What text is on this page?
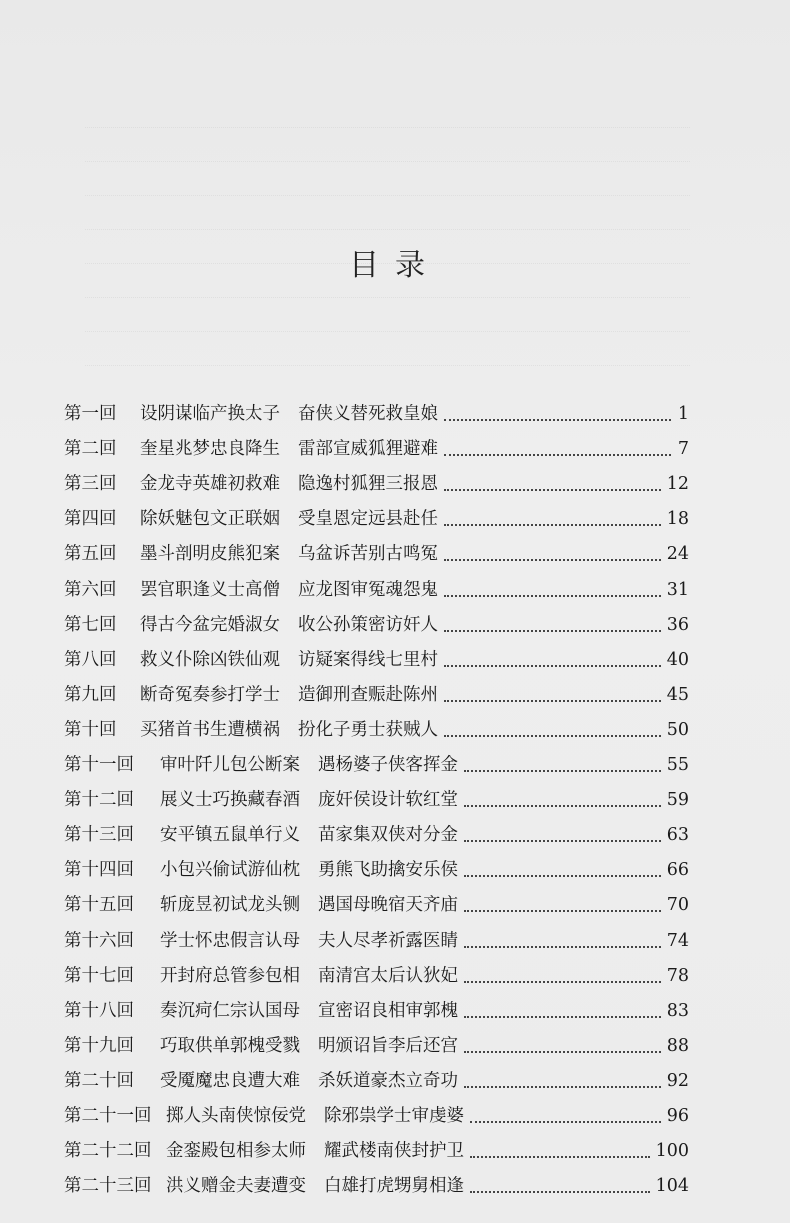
目录
第一回	设阴谋临产换太子 奋侠义替死救皇娘	1
第二回	奎星兆梦忠良降生 雷部宣威狐狸避难	7
第三回	金龙寺英雄初救难 隐逸村狐狸三报恩	12
第四回	除妖魅包文正联姻 受皇恩定远县赴任	18
第五回	墨斗剖明皮熊犯案 乌盆诉苦别古鸣冤	24
第六回	罢官职逢义士高僧 应龙图审冤魂怨鬼	31
第七回	得古今盆完婚淑女 收公孙策密访奸人	36
第八回	救义仆除凶铁仙观 访疑案得线七里村	40
第九回	断奇冤奏参打学士 造御刑查赈赴陈州	45
第十回	买猪首书生遭横祸 扮化子勇士获贼人	50
第十一回	审叶阡儿包公断案 遇杨婆子侠客挥金	55
第十二回	展义士巧换藏春酒 庞奸侯设计软红堂	59
第十三回	安平镇五鼠单行义 苗家集双侠对分金	63
第十四回	小包兴偷试游仙枕 勇熊飞助擒安乐侯	66
第十五回	斩庞昱初试龙头铡 遇国母晚宿天齐庙	70
第十六回	学士怀忠假言认母 夫人尽孝祈露医睛	74
第十七回	开封府总管参包相 南清宫太后认狄妃	78
第十八回	奏沉疴仁宗认国母 宣密诏良相审郭槐	83
第十九回	巧取供单郭槐受戮 明颁诏旨李后还宫	88
第二十回	受魇魔忠良遭大难 杀妖道豪杰立奇功	92
第二十一回 掷人头南侠惊佞党 除邪祟学士审虔婆	96
第二十二回 金銮殿包相参太师 耀武楼南侠封护卫	100
第二十三回 洪义赠金夫妻遭变 白雄打虎甥舅相逢	104
